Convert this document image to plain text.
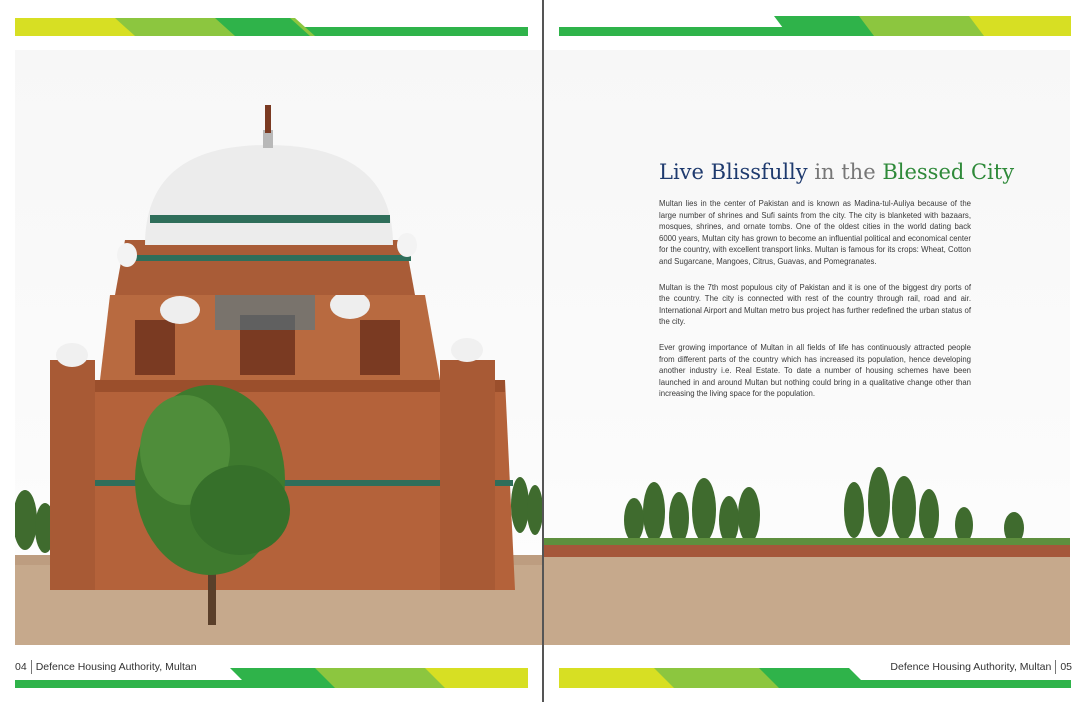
04 Defence Housing Authority, Multan
Live Blissfully in the Blessed City

Multan lies in the center of Pakistan and is known as Madina-tul-Auliya because of the large number of shrines and Sufi saints from the city. The city is blanketed with bazaars, mosques, shrines, and ornate tombs. One of the oldest cities in the world dating back 6000 years, Multan city has grown to become an influential political and economical center for the country, with excellent transport links. Multan is famous for its crops: Wheat, Cotton and Sugarcane, Mangoes, Citrus, Guavas, and Pomegranates.

Multan is the 7th most populous city of Pakistan and it is one of the biggest dry ports of the country. The city is connected with rest of the country through rail, road and air. International Airport and Multan metro bus project has further redefined the urban status of the city.

Ever growing importance of Multan in all fields of life has continuously attracted people from different parts of the country which has increased its population, hence developing another industry i.e. Real Estate. To date a number of housing schemes have been launched in and around Multan but nothing could bring in a qualitative change other than increasing the living space for the population.

Defence Housing Authority, Multan 05
